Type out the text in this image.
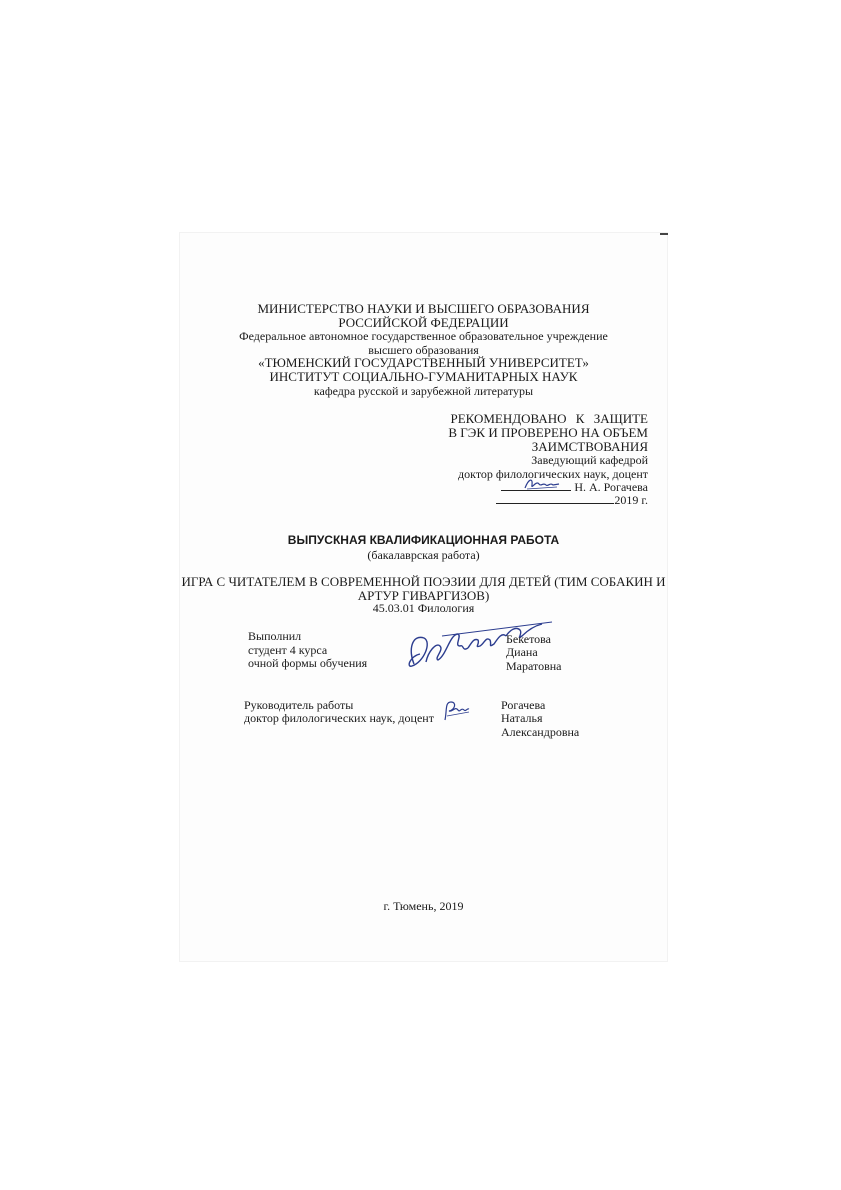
МИНИСТЕРСТВО НАУКИ И ВЫСШЕГО ОБРАЗОВАНИЯ
РОССИЙСКОЙ ФЕДЕРАЦИИ
Федеральное автономное государственное образовательное учреждение
высшего образования
«ТЮМЕНСКИЙ ГОСУДАРСТВЕННЫЙ УНИВЕРСИТЕТ»
ИНСТИТУТ СОЦИАЛЬНО-ГУМАНИТАРНЫХ НАУК
кафедра русской и зарубежной литературы
РЕКОМЕНДОВАНО К ЗАЩИТЕ
В ГЭК И ПРОВЕРЕНО НА ОБЪЕМ
ЗАИМСТВОВАНИЯ
Заведующий кафедрой
доктор филологических наук, доцент
Н. А. Рогачева
2019 г.
ВЫПУСКНАЯ КВАЛИФИКАЦИОННАЯ РАБОТА
(бакалаврская работа)
ИГРА С ЧИТАТЕЛЕМ В СОВРЕМЕННОЙ ПОЭЗИИ ДЛЯ ДЕТЕЙ (ТИМ СОБАКИН И
АРТУР ГИВАРГИЗОВ)
45.03.01 Филология
Выполнил
студент 4 курса
очной формы обучения
Бекетова
Диана
Маратовна
Руководитель работы
доктор филологических наук, доцент
Рогачева
Наталья
Александровна
г. Тюмень, 2019
